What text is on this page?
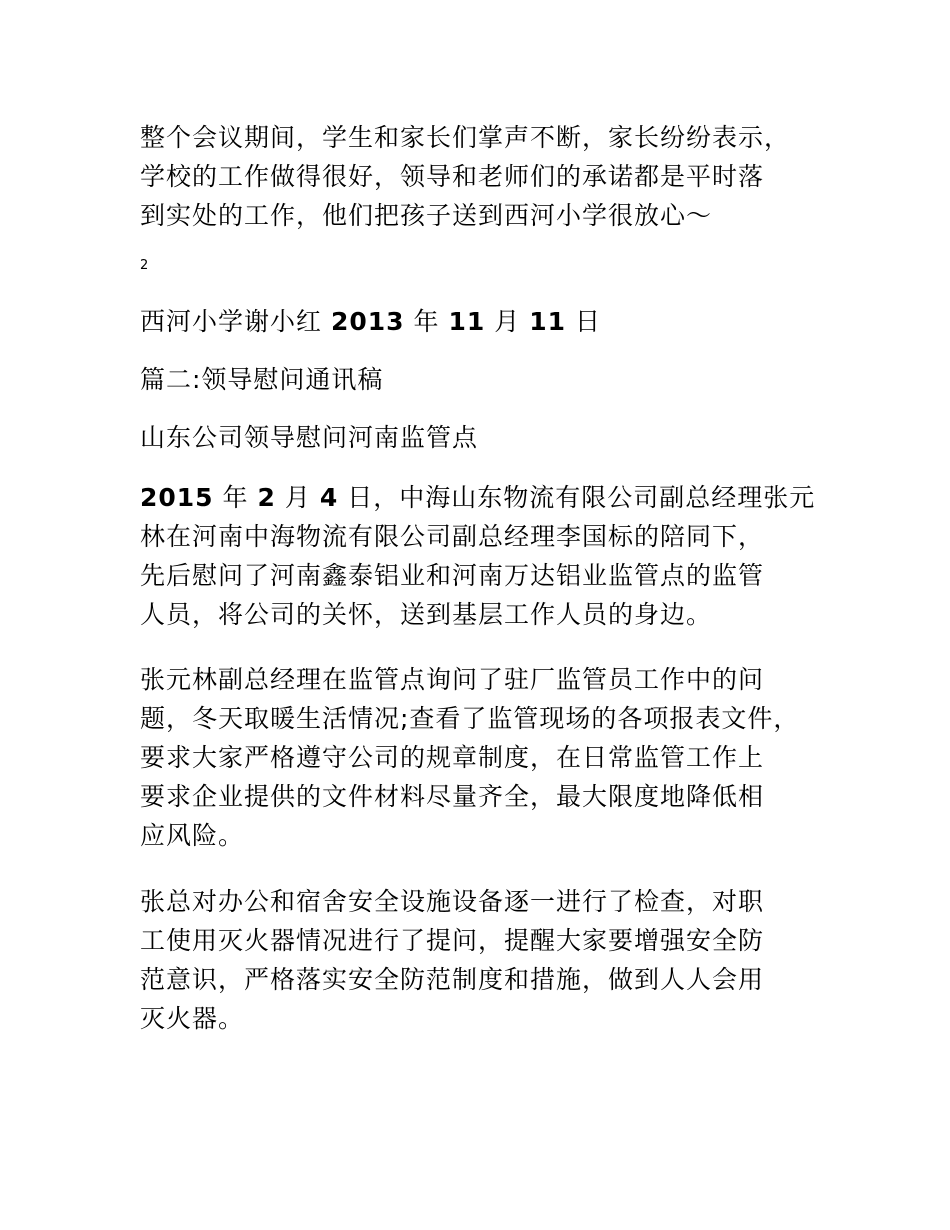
整个会议期间，学生和家长们掌声不断，家长纷纷表示，
学校的工作做得很好，领导和老师们的承诺都是平时落
到实处的工作，他们把孩子送到西河小学很放心～
2
西河小学谢小红 2013 年 11 月 11 日
篇二:领导慰问通讯稿
山东公司领导慰问河南监管点
2015 年 2 月 4 日，中海山东物流有限公司副总经理张元
林在河南中海物流有限公司副总经理李国标的陪同下，
先后慰问了河南鑫泰铝业和河南万达铝业监管点的监管
人员，将公司的关怀，送到基层工作人员的身边。
张元林副总经理在监管点询问了驻厂监管员工作中的问
题，冬天取暖生活情况;查看了监管现场的各项报表文件，
要求大家严格遵守公司的规章制度，在日常监管工作上
要求企业提供的文件材料尽量齐全，最大限度地降低相
应风险。
张总对办公和宿舍安全设施设备逐一进行了检查，对职
工使用灭火器情况进行了提问，提醒大家要增强安全防
范意识，严格落实安全防范制度和措施，做到人人会用
灭火器。
